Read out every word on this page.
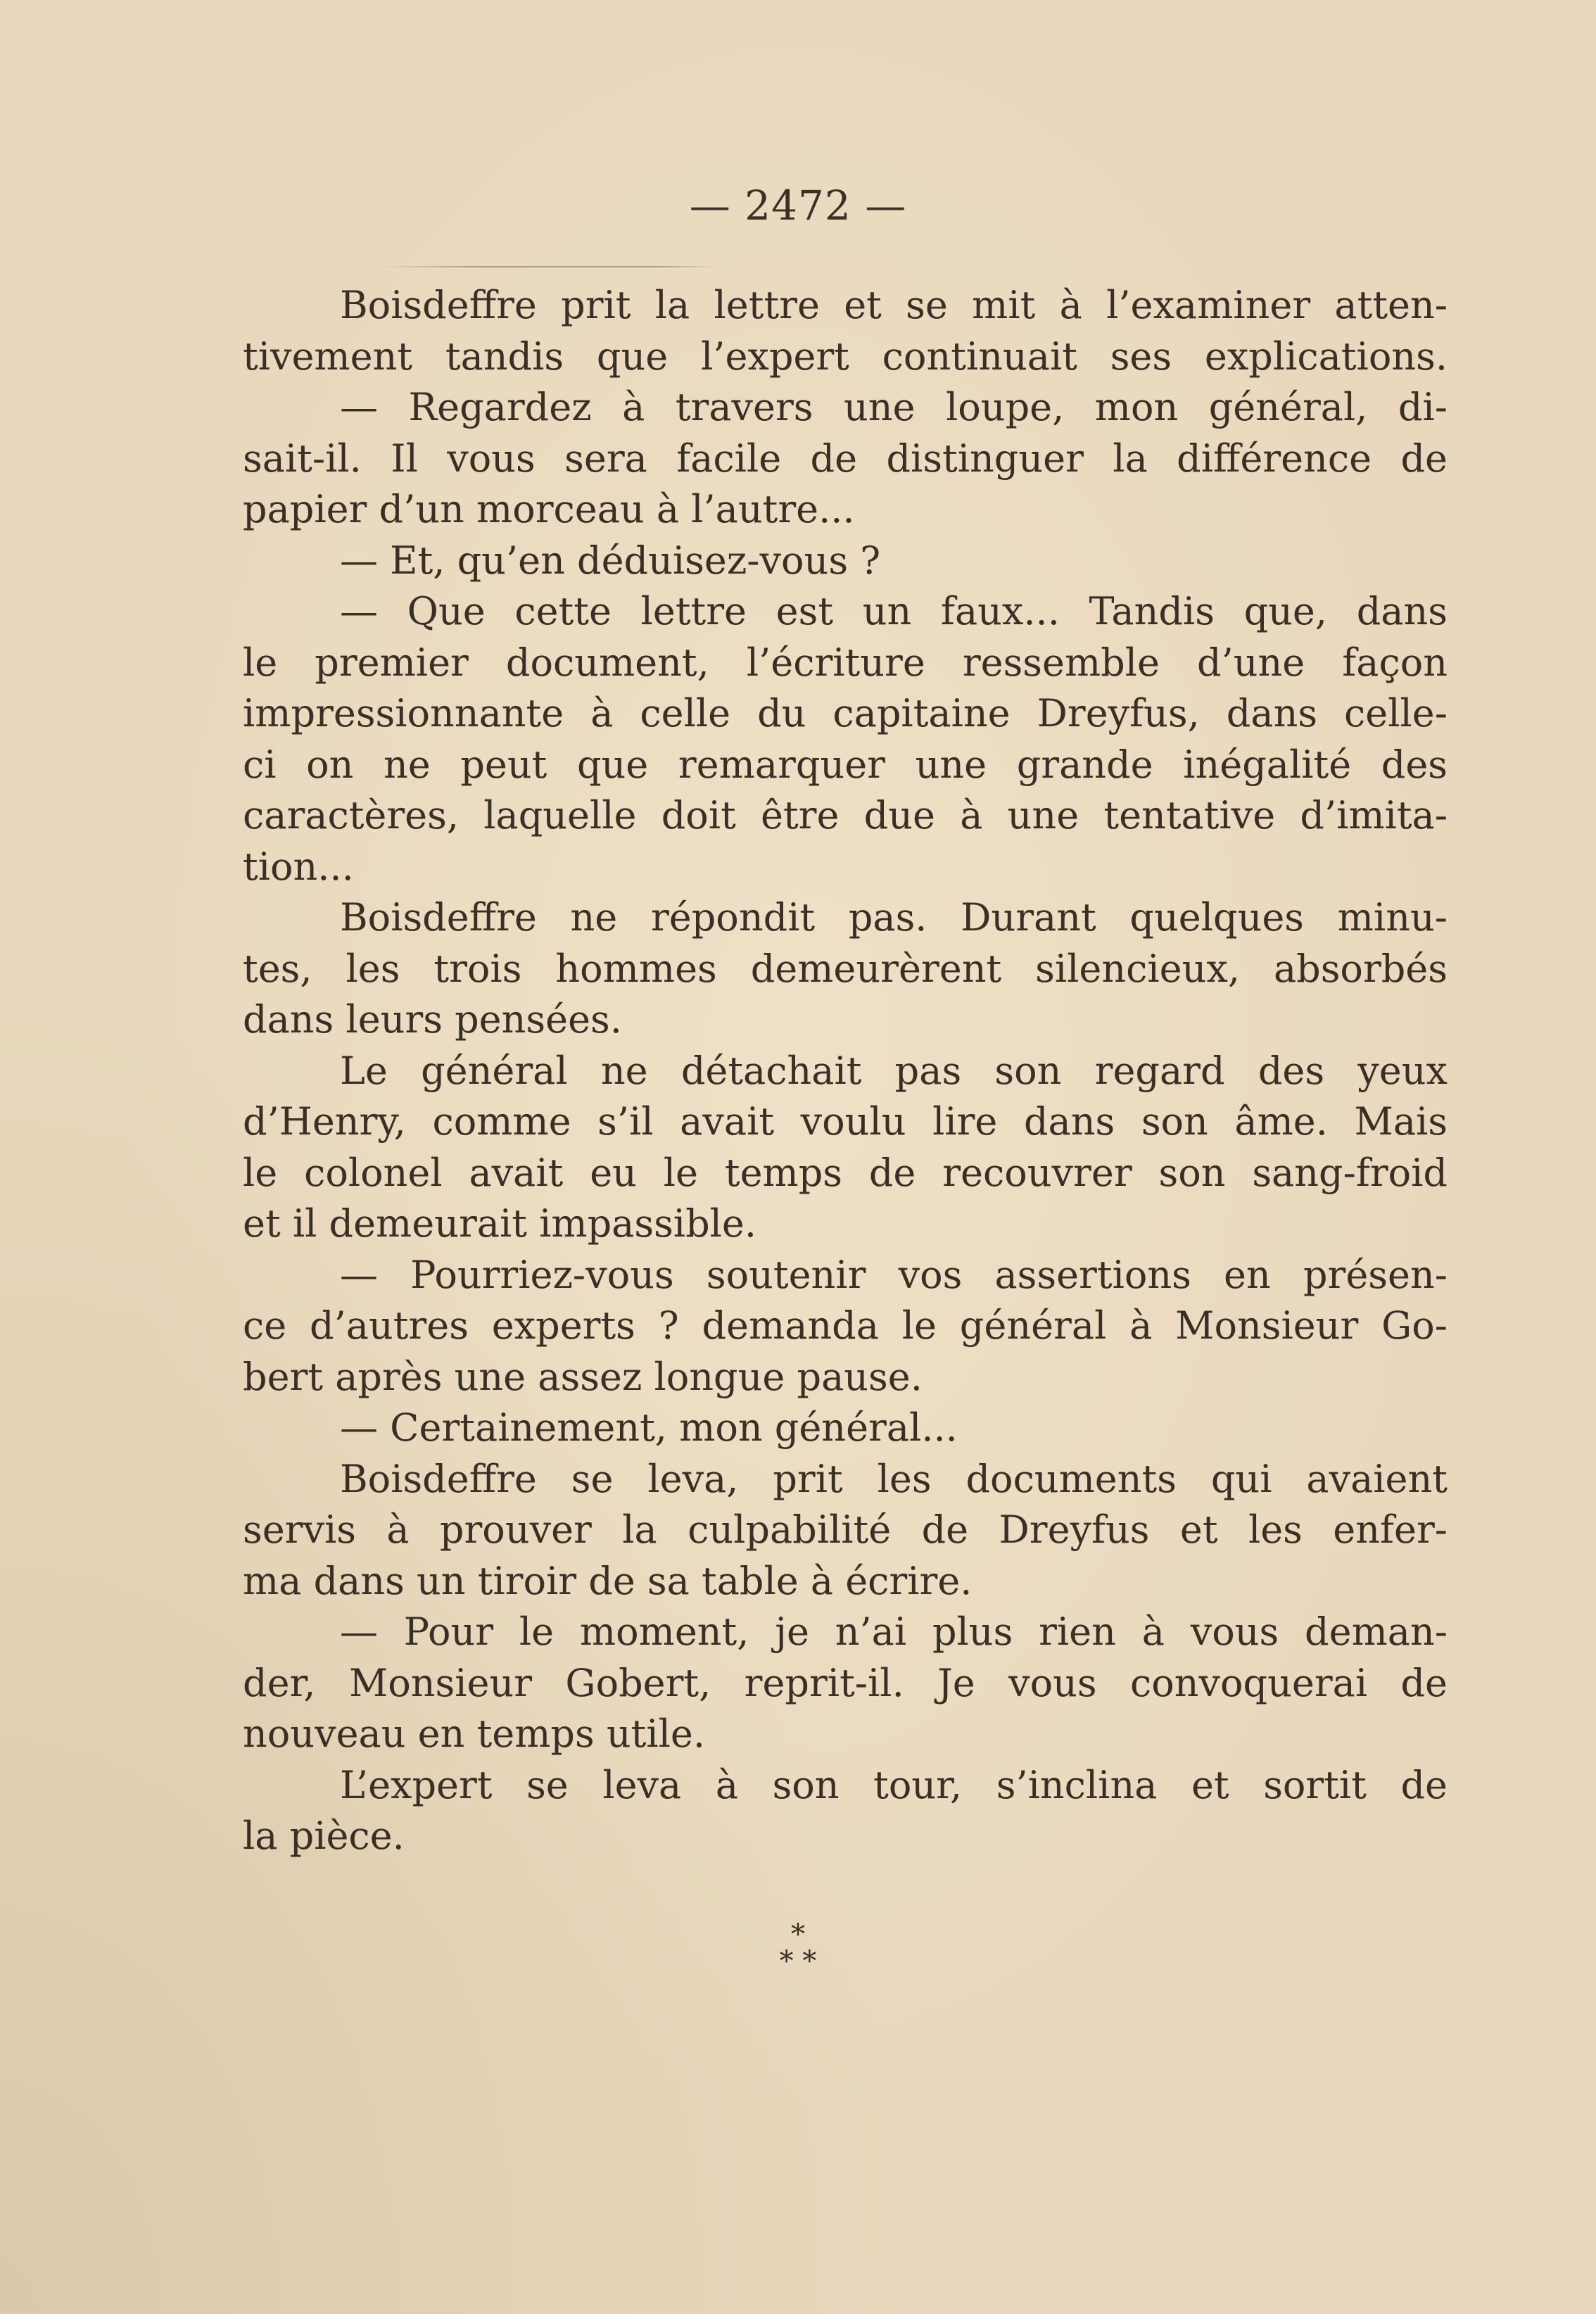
— 2472 —
Boisdeffre prit la lettre et se mit à l’examiner atten-
tivement tandis que l’expert continuait ses explications.
— Regardez à travers une loupe, mon général, di-
sait-il. Il vous sera facile de distinguer la différence de
papier d’un morceau à l’autre...
— Et, qu’en déduisez-vous ?
— Que cette lettre est un faux... Tandis que, dans
le premier document, l’écriture ressemble d’une façon
impressionnante à celle du capitaine Dreyfus, dans celle-
ci on ne peut que remarquer une grande inégalité des
caractères, laquelle doit être due à une tentative d’imita-
tion...
Boisdeffre ne répondit pas. Durant quelques minu-
tes, les trois hommes demeurèrent silencieux, absorbés
dans leurs pensées.
Le général ne détachait pas son regard des yeux
d’Henry, comme s’il avait voulu lire dans son âme. Mais
le colonel avait eu le temps de recouvrer son sang-froid
et il demeurait impassible.
— Pourriez-vous soutenir vos assertions en présen-
ce d’autres experts ? demanda le général à Monsieur Go-
bert après une assez longue pause.
— Certainement, mon général...
Boisdeffre se leva, prit les documents qui avaient
servis à prouver la culpabilité de Dreyfus et les enfer-
ma dans un tiroir de sa table à écrire.
— Pour le moment, je n’ai plus rien à vous deman-
der, Monsieur Gobert, reprit-il. Je vous convoquerai de
nouveau en temps utile.
L’expert se leva à son tour, s’inclina et sortit de
la pièce.
*
* *
